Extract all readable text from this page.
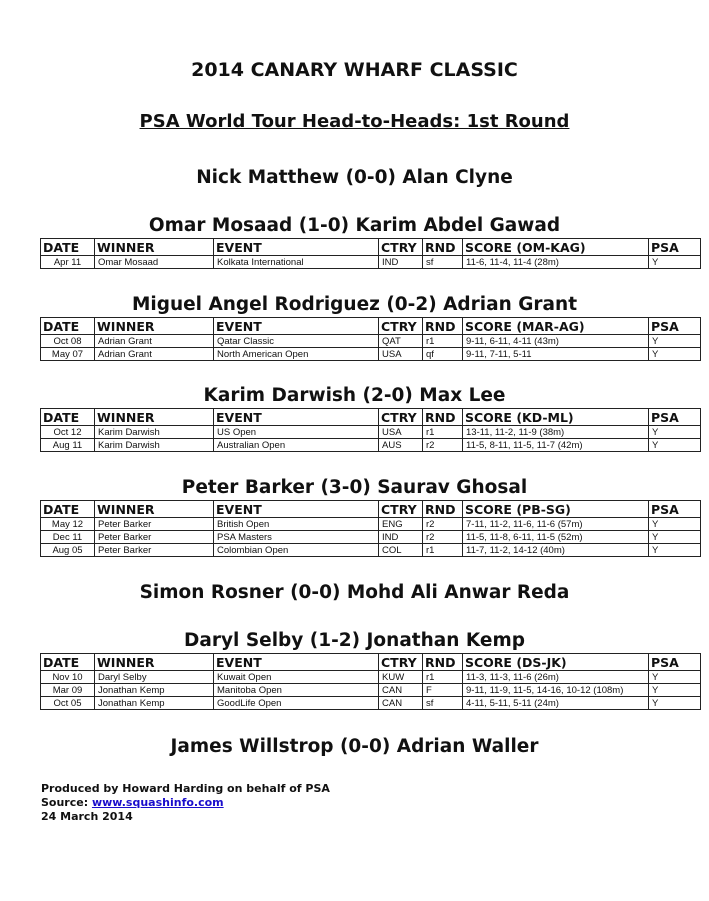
2014 CANARY WHARF CLASSIC
PSA World Tour Head-to-Heads: 1st Round
Nick Matthew (0-0) Alan Clyne
Omar Mosaad (1-0) Karim Abdel Gawad
DATE	WINNER	EVENT	CTRY	RND	SCORE (OM-KAG)	PSA
Apr 11	Omar Mosaad	Kolkata International	IND	sf	11-6, 11-4, 11-4 (28m)	Y
Miguel Angel Rodriguez (0-2) Adrian Grant
DATE	WINNER	EVENT	CTRY	RND	SCORE (MAR-AG)	PSA
Oct 08	Adrian Grant	Qatar Classic	QAT	r1	9-11, 6-11, 4-11 (43m)	Y
May 07	Adrian Grant	North American Open	USA	qf	9-11, 7-11, 5-11	Y
Karim Darwish (2-0) Max Lee
DATE	WINNER	EVENT	CTRY	RND	SCORE (KD-ML)	PSA
Oct 12	Karim Darwish	US Open	USA	r1	13-11, 11-2, 11-9 (38m)	Y
Aug 11	Karim Darwish	Australian Open	AUS	r2	11-5, 8-11, 11-5, 11-7 (42m)	Y
Peter Barker (3-0) Saurav Ghosal
DATE	WINNER	EVENT	CTRY	RND	SCORE (PB-SG)	PSA
May 12	Peter Barker	British Open	ENG	r2	7-11, 11-2, 11-6, 11-6 (57m)	Y
Dec 11	Peter Barker	PSA Masters	IND	r2	11-5, 11-8, 6-11, 11-5 (52m)	Y
Aug 05	Peter Barker	Colombian Open	COL	r1	11-7, 11-2, 14-12 (40m)	Y
Simon Rosner (0-0) Mohd Ali Anwar Reda
Daryl Selby (1-2) Jonathan Kemp
DATE	WINNER	EVENT	CTRY	RND	SCORE (DS-JK)	PSA
Nov 10	Daryl Selby	Kuwait Open	KUW	r1	11-3, 11-3, 11-6 (26m)	Y
Mar 09	Jonathan Kemp	Manitoba Open	CAN	F	9-11, 11-9, 11-5, 14-16, 10-12 (108m)	Y
Oct 05	Jonathan Kemp	GoodLife Open	CAN	sf	4-11, 5-11, 5-11 (24m)	Y
James Willstrop (0-0) Adrian Waller
Produced by Howard Harding on behalf of PSA
Source: www.squashinfo.com
24 March 2014
